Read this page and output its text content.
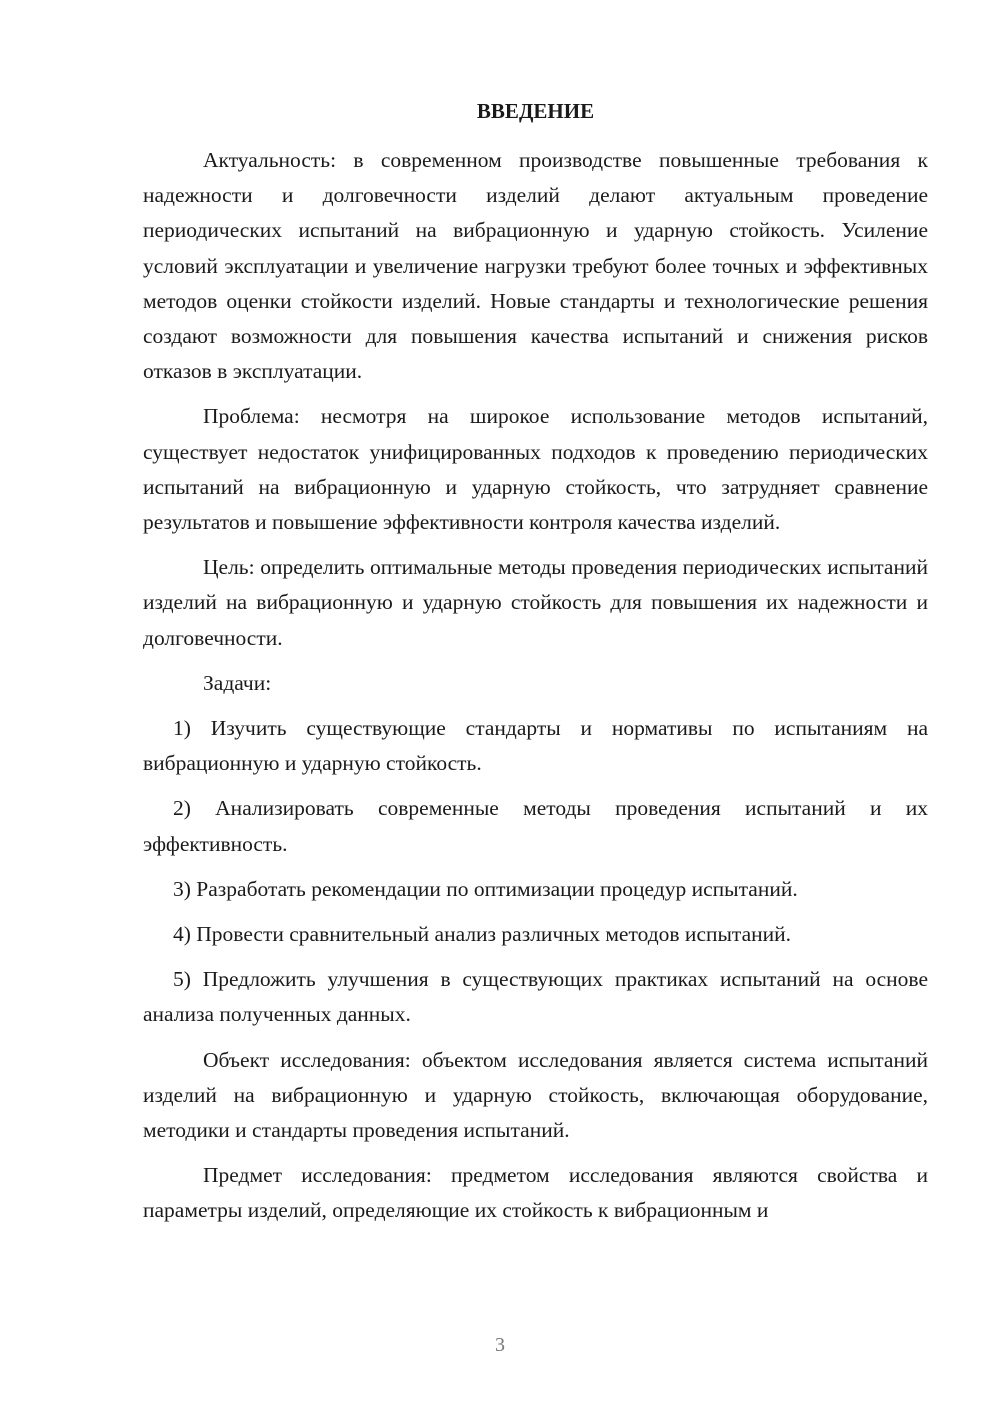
ВВЕДЕНИЕ

Актуальность: в современном производстве повышенные требования к надежности и долговечности изделий делают актуальным проведение периодических испытаний на вибрационную и ударную стойкость. Усиление условий эксплуатации и увеличение нагрузки требуют более точных и эффективных методов оценки стойкости изделий. Новые стандарты и технологические решения создают возможности для повышения качества испытаний и снижения рисков отказов в эксплуатации.

Проблема: несмотря на широкое использование методов испытаний, существует недостаток унифицированных подходов к проведению периодических испытаний на вибрационную и ударную стойкость, что затрудняет сравнение результатов и повышение эффективности контроля качества изделий.

Цель: определить оптимальные методы проведения периодических испытаний изделий на вибрационную и ударную стойкость для повышения их надежности и долговечности.

Задачи:

1) Изучить существующие стандарты и нормативы по испытаниям на вибрационную и ударную стойкость.

2) Анализировать современные методы проведения испытаний и их эффективность.

3) Разработать рекомендации по оптимизации процедур испытаний.

4) Провести сравнительный анализ различных методов испытаний.

5) Предложить улучшения в существующих практиках испытаний на основе анализа полученных данных.

Объект исследования: объектом исследования является система испытаний изделий на вибрационную и ударную стойкость, включающая оборудование, методики и стандарты проведения испытаний.

Предмет исследования: предметом исследования являются свойства и параметры изделий, определяющие их стойкость к вибрационным и

3
